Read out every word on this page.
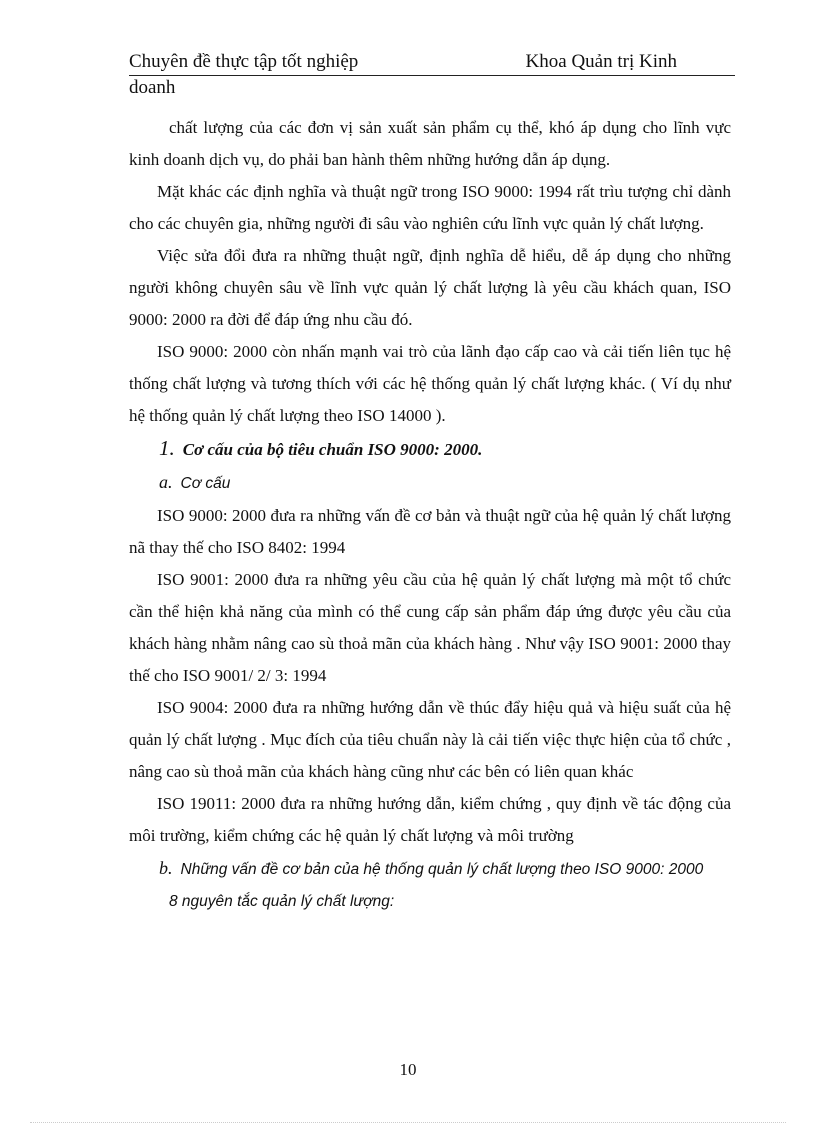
Chuyên đề thực tập tốt nghiệp	Khoa Quản trị Kinh
doanh

chất lượng của các đơn vị sản xuất sản phẩm cụ thể, khó áp dụng cho lĩnh vực kinh doanh dịch vụ, do phải ban hành thêm những hướng dẫn áp dụng.

Mặt khác các định nghĩa và thuật ngữ trong ISO 9000: 1994 rất trìu tượng chỉ dành cho các chuyên gia, những người đi sâu vào nghiên cứu lĩnh vực quản lý chất lượng.

Việc sửa đổi đưa ra những thuật ngữ, định nghĩa dễ hiểu, dễ áp dụng cho những người không chuyên sâu về lĩnh vực quản lý chất lượng là yêu cầu khách quan, ISO 9000: 2000 ra đời để đáp ứng nhu cầu đó.

ISO 9000: 2000 còn nhấn mạnh vai trò của lãnh đạo cấp cao và cải tiến liên tục hệ thống chất lượng và tương thích với các hệ thống quản lý chất lượng khác. ( Ví dụ như hệ thống quản lý chất lượng theo ISO 14000 ).

1. Cơ cấu của bộ tiêu chuẩn ISO 9000: 2000.

a. Cơ cấu

ISO 9000: 2000 đưa ra những vấn đề cơ bản và thuật ngữ của hệ quản lý chất lượng nã thay thế cho ISO 8402: 1994

ISO 9001: 2000 đưa ra những yêu cầu của hệ quản lý chất lượng mà một tổ chức cần thể hiện khả năng của mình có thể cung cấp sản phẩm đáp ứng được yêu cầu của khách hàng nhằm nâng cao sù thoả mãn của khách hàng . Như vậy ISO 9001: 2000 thay thế cho ISO 9001/ 2/ 3: 1994

ISO 9004: 2000 đưa ra những hướng dẫn về thúc đẩy hiệu quả và hiệu suất của hệ quản lý chất lượng . Mục đích của tiêu chuẩn này là cải tiến việc thực hiện của tổ chức , nâng cao sù thoả mãn của khách hàng cũng như các bên có liên quan khác

ISO 19011: 2000 đưa ra những hướng dẫn, kiểm chứng , quy định về tác động của môi trường, kiểm chứng các hệ quản lý chất lượng và môi trường

b. Những vấn đề cơ bản của hệ thống quản lý chất lượng theo ISO 9000: 2000

8 nguyên tắc quản lý chất lượng:

10
